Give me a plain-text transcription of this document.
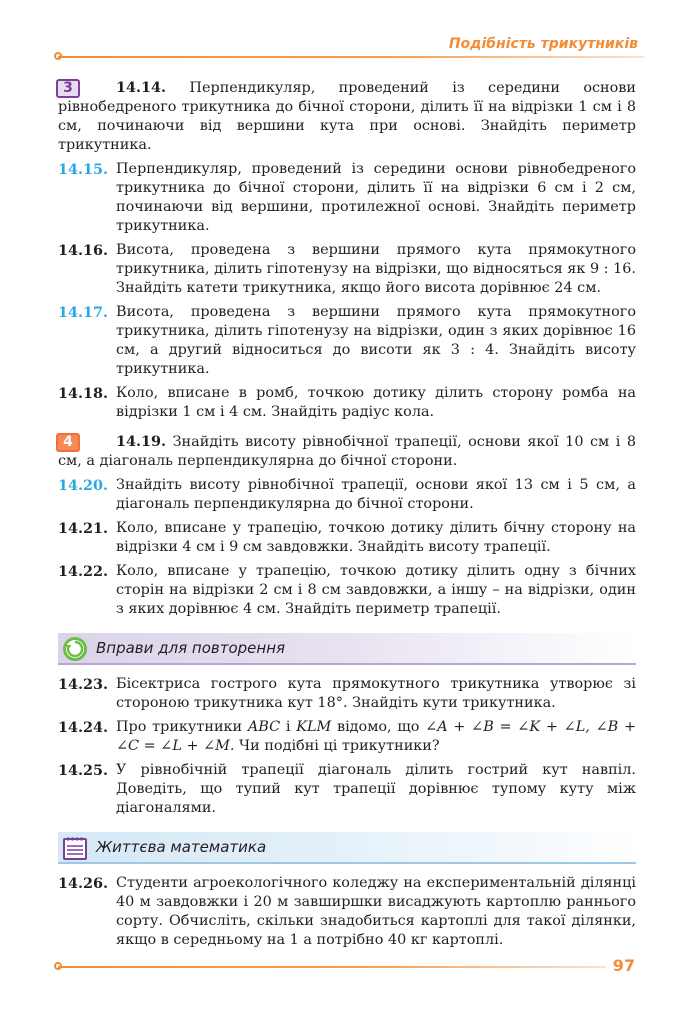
Подібність трикутників
3	14.14. Перпендикуляр, проведений із середини основи рівнобедреного трикутника до бічної сторони, ділить її на відрізки 1 см і 8 см, починаючи від вершини кута при основі. Знайдіть периметр трикутника.
14.15. Перпендикуляр, проведений із середини основи рівнобедреного трикутника до бічної сторони, ділить її на відрізки 6 см і 2 см, починаючи від вершини, протилежної основі. Знайдіть периметр трикутника.
14.16. Висота, проведена з вершини прямого кута прямокутного трикутника, ділить гіпотенузу на відрізки, що відносяться як 9 : 16. Знайдіть катети трикутника, якщо його висота дорівнює 24 см.
14.17. Висота, проведена з вершини прямого кута прямокутного трикутника, ділить гіпотенузу на відрізки, один з яких дорівнює 16 см, а другий відноситься до висоти як 3 : 4. Знайдіть висоту трикутника.
14.18. Коло, вписане в ромб, точкою дотику ділить сторону ромба на відрізки 1 см і 4 см. Знайдіть радіус кола.
4	14.19. Знайдіть висоту рівнобічної трапеції, основи якої 10 см і 8 см, а діагональ перпендикулярна до бічної сторони.
14.20. Знайдіть висоту рівнобічної трапеції, основи якої 13 см і 5 см, а діагональ перпендикулярна до бічної сторони.
14.21. Коло, вписане у трапецію, точкою дотику ділить бічну сторону на відрізки 4 см і 9 см завдовжки. Знайдіть висоту трапеції.
14.22. Коло, вписане у трапецію, точкою дотику ділить одну з бічних сторін на відрізки 2 см і 8 см завдовжки, а іншу – на відрізки, один з яких дорівнює 4 см. Знайдіть периметр трапеції.
Вправи для повторення
14.23. Бісектриса гострого кута прямокутного трикутника утворює зі стороною трикутника кут 18°. Знайдіть кути трикутника.
14.24. Про трикутники ABC і KLM відомо, що ∠A + ∠B = ∠K + ∠L, ∠B + ∠C = ∠L + ∠M. Чи подібні ці трикутники?
14.25. У рівнобічній трапеції діагональ ділить гострий кут навпіл. Доведіть, що тупий кут трапеції дорівнює тупому куту між діагоналями.
Життєва математика
14.26. Студенти агроекологічного коледжу на експериментальній ділянці 40 м завдовжки і 20 м завширшки висаджують картоплю раннього сорту. Обчисліть, скільки знадобиться картоплі для такої ділянки, якщо в середньому на 1 а потрібно 40 кг картоплі.
97
